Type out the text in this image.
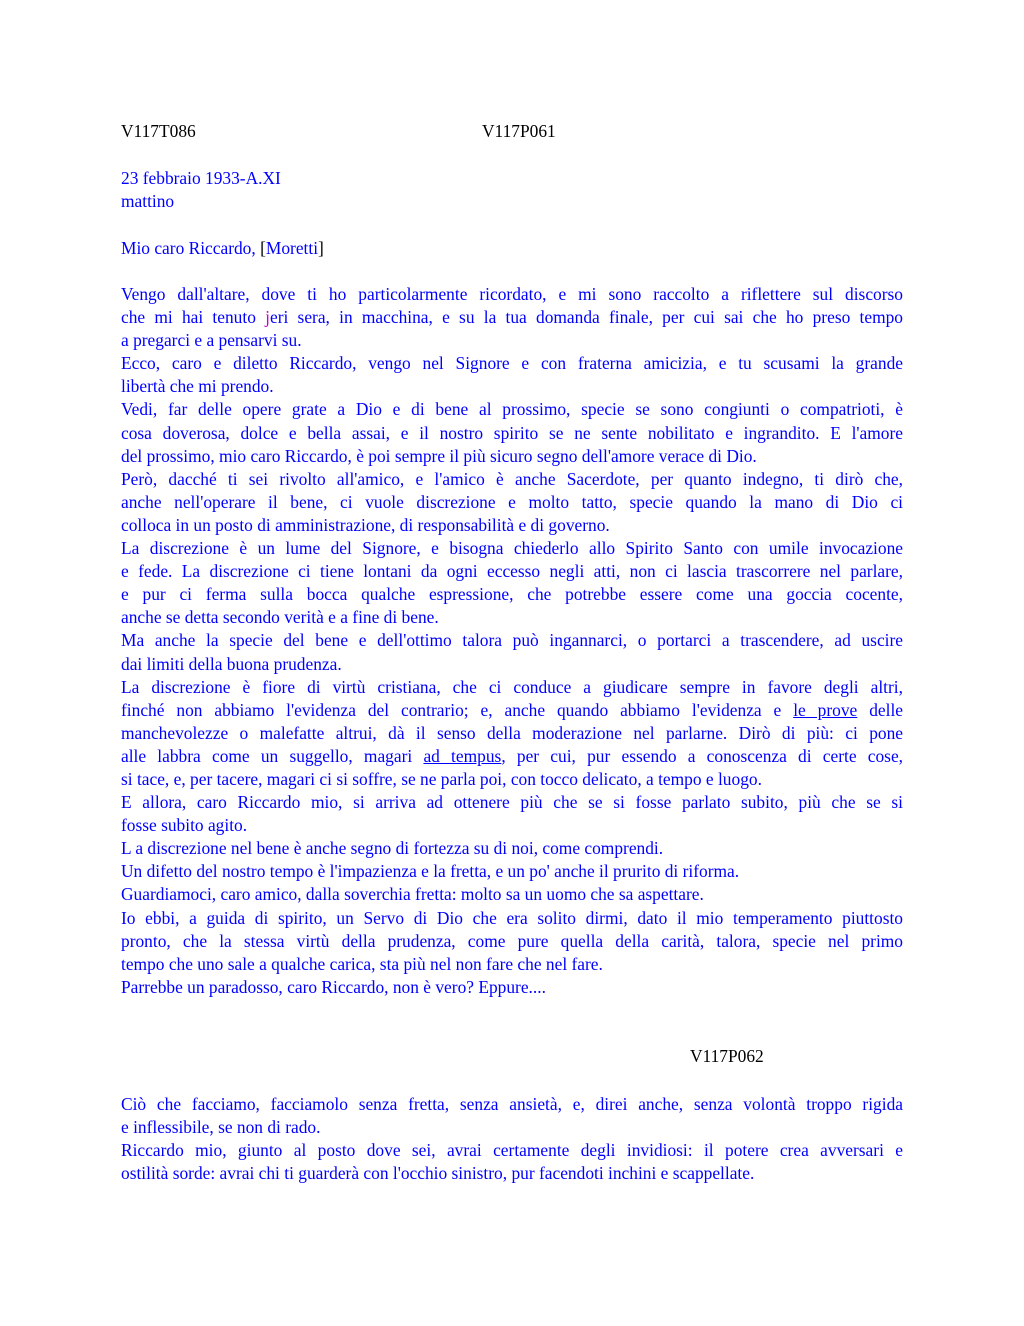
V117T086	V117P061
23 febbraio 1933-A.XI
mattino
Mio caro Riccardo, [Moretti]
Vengo dall'altare, dove ti ho particolarmente ricordato, e mi sono raccolto a riflettere sul discorso
che mi hai tenuto jeri sera, in macchina, e su la tua domanda finale, per cui sai che ho preso tempo
a pregarci e a pensarvi su.
Ecco, caro e diletto Riccardo, vengo nel Signore e con fraterna amicizia, e tu scusami la grande
libertà che mi prendo.
Vedi, far delle opere grate a Dio e di bene al prossimo, specie se sono congiunti o compatrioti, è
cosa doverosa, dolce e bella assai, e il nostro spirito se ne sente nobilitato e ingrandito. E l'amore
del prossimo, mio caro Riccardo, è poi sempre il più sicuro segno dell'amore verace di Dio.
Però, dacché ti sei rivolto all'amico, e l'amico è anche Sacerdote, per quanto indegno, ti dirò che,
anche nell'operare il bene, ci vuole discrezione e molto tatto, specie quando la mano di Dio ci
colloca in un posto di amministrazione, di responsabilità e di governo.
La discrezione è un lume del Signore, e bisogna chiederlo allo Spirito Santo con umile invocazione
e fede. La discrezione ci tiene lontani da ogni eccesso negli atti, non ci lascia trascorrere nel parlare,
e pur ci ferma sulla bocca qualche espressione, che potrebbe essere come una goccia cocente,
anche se detta secondo verità e a fine di bene.
Ma anche la specie del bene e dell'ottimo talora può ingannarci, o portarci a trascendere, ad uscire
dai limiti della buona prudenza.
La discrezione è fiore di virtù cristiana, che ci conduce a giudicare sempre in favore degli altri,
finché non abbiamo l'evidenza del contrario; e, anche quando abbiamo l'evidenza e le prove delle
manchevolezze o malefatte altrui, dà il senso della moderazione nel parlarne. Dirò di più: ci pone
alle labbra come un suggello, magari ad tempus, per cui, pur essendo a conoscenza di certe cose,
si tace, e, per tacere, magari ci si soffre, se ne parla poi, con tocco delicato, a tempo e luogo.
E allora, caro Riccardo mio, si arriva ad ottenere più che se si fosse parlato subito, più che se si
fosse subito agito.
L a discrezione nel bene è anche segno di fortezza su di noi, come comprendi.
Un difetto del nostro tempo è l'impazienza e la fretta, e un po' anche il prurito di riforma.
Guardiamoci, caro amico, dalla soverchia fretta: molto sa un uomo che sa aspettare.
Io ebbi, a guida di spirito, un Servo di Dio che era solito dirmi, dato il mio temperamento piuttosto
pronto, che la stessa virtù della prudenza, come pure quella della carità, talora, specie nel primo
tempo che uno sale a qualche carica, sta più nel non fare che nel fare.
Parrebbe un paradosso, caro Riccardo, non è vero? Eppure....
V117P062
Ciò che facciamo, facciamolo senza fretta, senza ansietà, e, direi anche, senza volontà troppo rigida
e inflessibile, se non di rado.
Riccardo mio, giunto al posto dove sei, avrai certamente degli invidiosi: il potere crea avversari e
ostilità sorde: avrai chi ti guarderà con l'occhio sinistro, pur facendoti inchini e scappellate.
